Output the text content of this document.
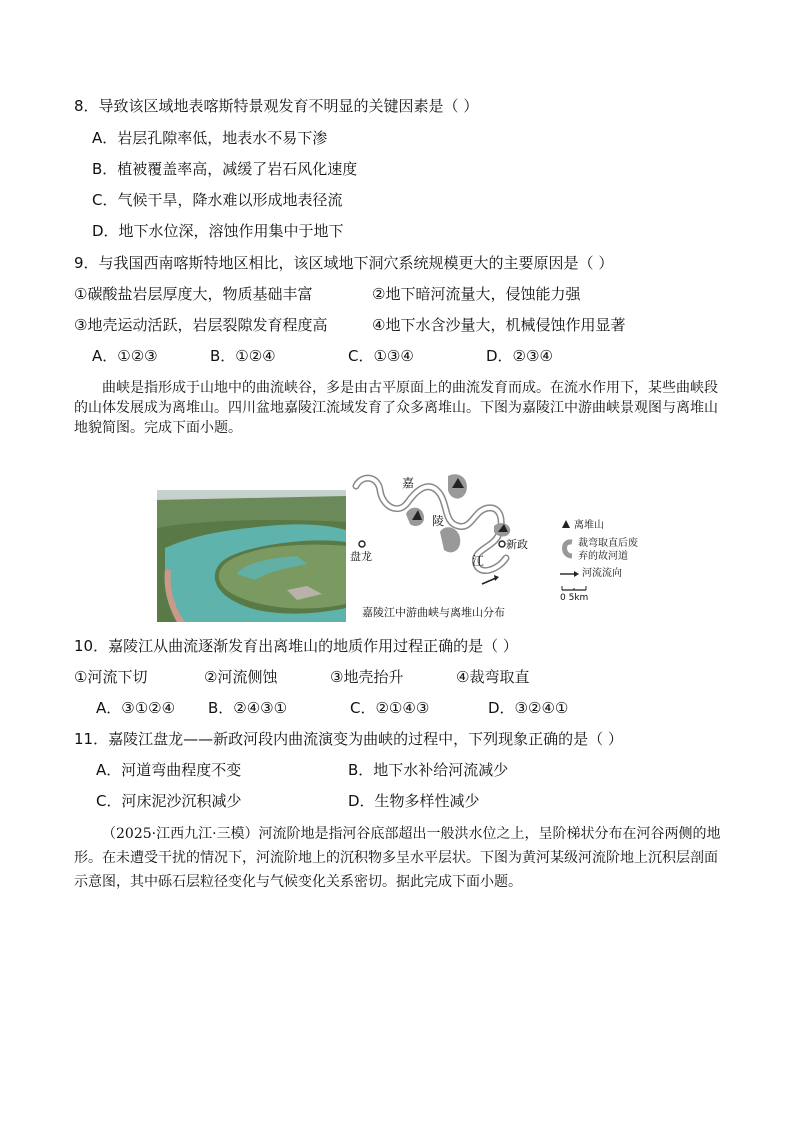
8．导致该区域地表喀斯特景观发育不明显的关键因素是（ ）
A．岩层孔隙率低，地表水不易下渗
B．植被覆盖率高，减缓了岩石风化速度
C．气候干旱，降水难以形成地表径流
D．地下水位深，溶蚀作用集中于地下
9．与我国西南喀斯特地区相比，该区域地下洞穴系统规模更大的主要原因是（ ）
①碳酸盐岩层厚度大，物质基础丰富	②地下暗河流量大，侵蚀能力强
③地壳运动活跃，岩层裂隙发育程度高	④地下水含沙量大，机械侵蚀作用显著
A．①②③	B．①②④	C．①③④	D．②③④
曲峡是指形成于山地中的曲流峡谷，多是由古平原面上的曲流发育而成。在流水作用下，某些曲峡段的山体发展成为离堆山。四川盆地嘉陵江流域发育了众多离堆山。下图为嘉陵江中游曲峡景观图与离堆山地貌简图。完成下面小题。
嘉
陵
江
盘龙
新政
离堆山
裁弯取直后废
弃的故河道
河流流向
0 5km
嘉陵江中游曲峡与离堆山分布
10．嘉陵江从曲流逐渐发育出离堆山的地质作用过程正确的是（ ）
①河流下切	②河流侧蚀	③地壳抬升	④裁弯取直
A．③①②④ B．②④③①	C．②①④③	D．③②④①
11．嘉陵江盘龙——新政河段内曲流演变为曲峡的过程中，下列现象正确的是（ ）
A．河道弯曲程度不变	B．地下水补给河流减少
C．河床泥沙沉积减少	D．生物多样性减少
（2025·江西九江·三模）河流阶地是指河谷底部超出一般洪水位之上，呈阶梯状分布在河谷两侧的地形。在未遭受干扰的情况下，河流阶地上的沉积物多呈水平层状。下图为黄河某级河流阶地上沉积层剖面示意图，其中砾石层粒径变化与气候变化关系密切。据此完成下面小题。
